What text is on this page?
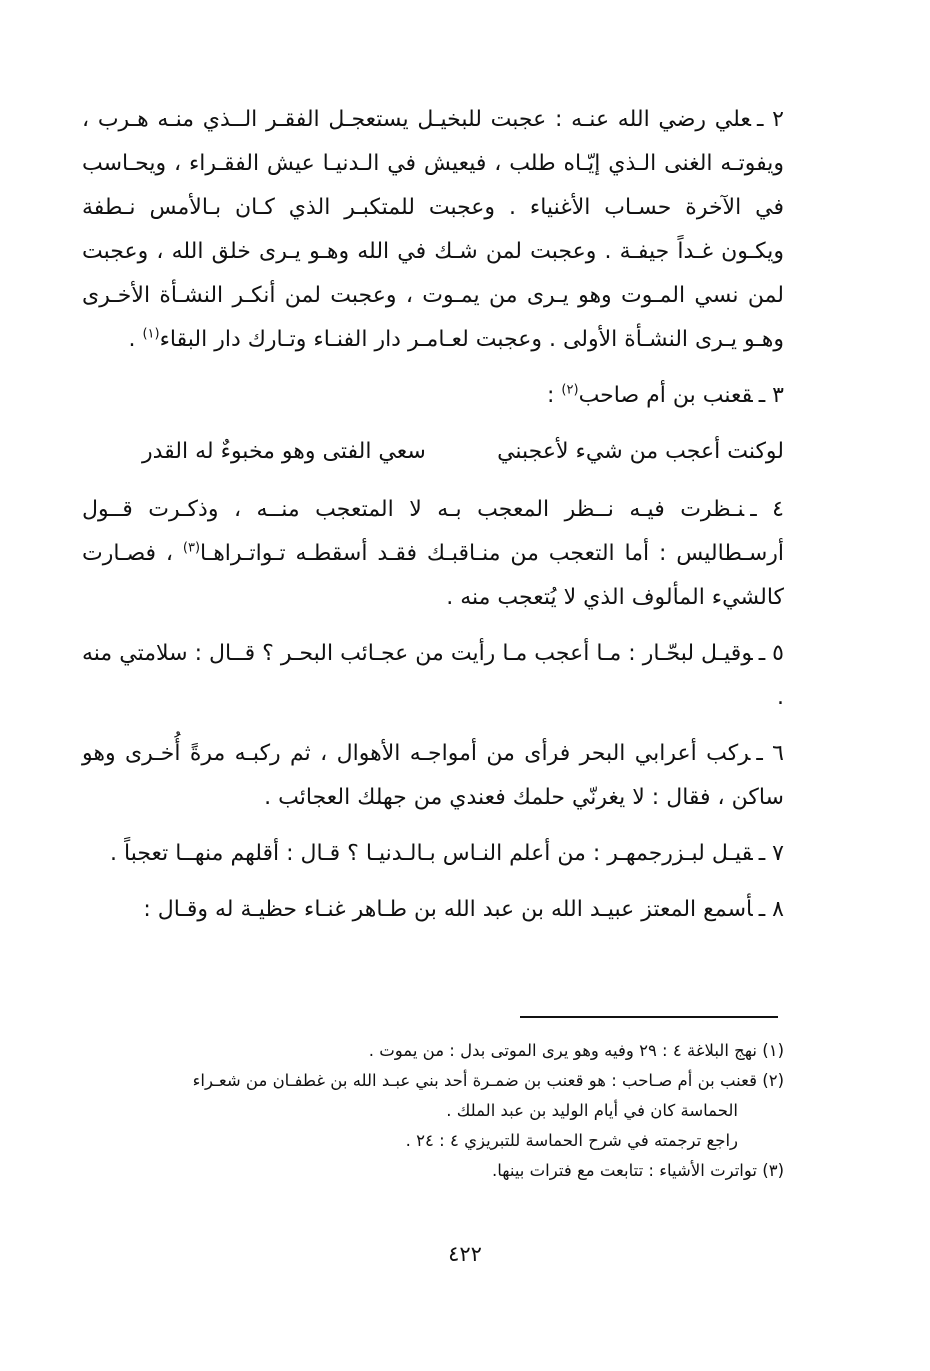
٢ ـعلي رضي الله عنـه : عجبت للبخيـل يستعجـل الفقـر الــذي منـه هـرب ، ويفوتـه الغنى الـذي إيّـاه طلب ، فيعيش في الـدنيـا عيش الفقـراء ، ويحـاسب في الآخرة حسـاب الأغنياء . وعجبت للمتكبـر الذي كـان بـالأمس نـطفة ويكـون غـداً جيفـة . وعجبت لمن شـك في الله وهـو يـرى خلق الله ، وعجبت لمن نسي المـوت وهو يـرى من يمـوت ، وعجبت لمن أنكـر النشـأة الأخـرى وهـو يـرى النشـأة الأولى . وعجبت لعـامـر دار الفنـاء وتـارك دار البقاء$^{(١)}$ .

٣ ـقعنب بن أم صاحب$^{(٢)}$ :

لوكنت أعجب من شيء لأعجبني
سعي الفتى وهو مخبوءٌ له القدر

٤ ـنـظرت فيـه نــظر المعجب بـه لا المتعجب منــه ، وذكـرت قــول أرسـطاليس : أما التعجب من منـاقبـك فقـد أسقطـه تـواتـراهـا$^{(٣)}$ ، فصـارت كالشيء المألوف الذي لا يُتعجب منه .

٥ ـوقيـل لبحّـار : مـا أعجب مـا رأيت من عجـائب البحـر ؟ قــال : سلامتي منه .

٦ ـركب أعرابي البحر فرأى من أمواجـه الأهوال ، ثم ركبـه مرةً أُخـرى وهو ساكن ، فقال : لا يغرنّي حلمك فعندي من جهلك العجائب .

٧ ـقيـل لبـزرجمهـر : من أعلم النـاس بـالـدنيـا ؟ قـال : أقلهم منهــا تعجباً .

٨ ـأسمع المعتز عبيـد الله بن عبد الله بن طـاهر غنـاء حظيـة له وقـال :

(١) نهج البلاغة ٤ : ٢٩ وفيه وهو يرى الموتى بدل : من يموت .

(٢) قعنب بن أم صـاحب : هو قعنب بن ضمـرة أحد بني عبـد الله بن غطفـان من شعـراء

الحماسة كان في أيام الوليد بن عبد الملك .

راجع ترجمته في شرح الحماسة للتبريزي ٤ : ٢٤ .

(٣) تواترت الأشياء : تتابعت مع فترات بينها.

٤٢٢
